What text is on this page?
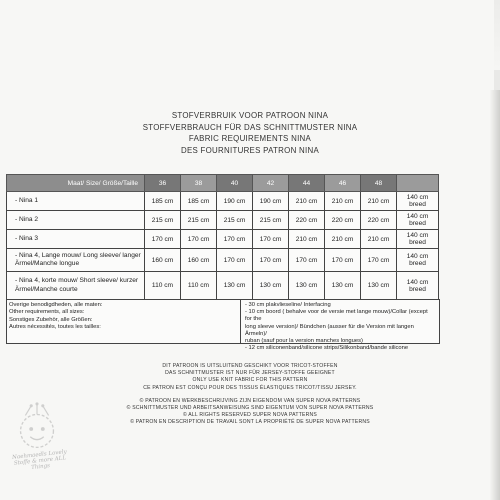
STOFVERBRUIK VOOR PATROON NINA
STOFFVERBRAUCH FÜR DAS SCHNITTMUSTER NINA
FABRIC REQUIREMENTS NINA
DES FOURNITURES PATRON NINA
Maat/ Size/ Größe/Taille	36	38	40	42	44	46	48	
- Nina 1	185 cm	185 cm	190 cm	190 cm	210 cm	210 cm	210 cm	140 cm breed
- Nina 2	215 cm	215 cm	215 cm	215 cm	220 cm	220 cm	220 cm	140 cm breed
- Nina 3	170 cm	170 cm	170 cm	170 cm	210 cm	210 cm	210 cm	140 cm breed
- Nina 4, Lange mouw/ Long sleeve/ langer Ärmel/Manche longue	160 cm	160 cm	170 cm	170 cm	170 cm	170 cm	170 cm	140 cm breed
- Nina 4, korte mouw/ Short sleeve/ kurzer Ärmel/Manche courte	110 cm	110 cm	130 cm	130 cm	130 cm	130 cm	130 cm	140 cm breed
Overige benodigdheden, alle maten:
Other requirements, all sizes:
Sonstiges Zubehör, alle Größen:
Autres nécessités, toutes les tailles:
- 30 cm plakvlieseline/ Interfacing
- 10 cm boord ( behalve voor de versie met lange mouw)/Collar (except for the
long sleeve version)/ Bündchen (ausser für die Version mit langen Ärmeln)/
ruban (sauf pour la version manches longues)
- 12 cm siliconenband/silicone strips/Silikonband/bande silicone
DIT PATROON IS UITSLUITEND GESCHIKT VOOR TRICOT-STOFFEN
DAS SCHNITTMUSTER IST NUR FÜR JERSEY-STOFFE GEEIGNET
ONLY USE KNIT FABRIC FOR THIS PATTERN
CE PATRON EST CONÇU POUR DES TISSUS ÉLASTIQUES TRICOT/TISSU JERSEY.
© PATROON EN WERKBESCHRIJVING ZIJN EIGENDOM VAN SUPER NOVA PATTERNS
© SCHNITTMUSTER UND ARBEITSANWEISUNG SIND EIGENTUM VON SUPER NOVA PATTERNS
© ALL RIGHTS RESERVED SUPER NOVA PATTERNS
© PATRON EN DESCRIPTION DE TRAVAIL SONT LA PROPRIÉTÉ DE SUPER NOVA PATTERNS
Naehmaedls Lovely Stoffe & more ALL Things
